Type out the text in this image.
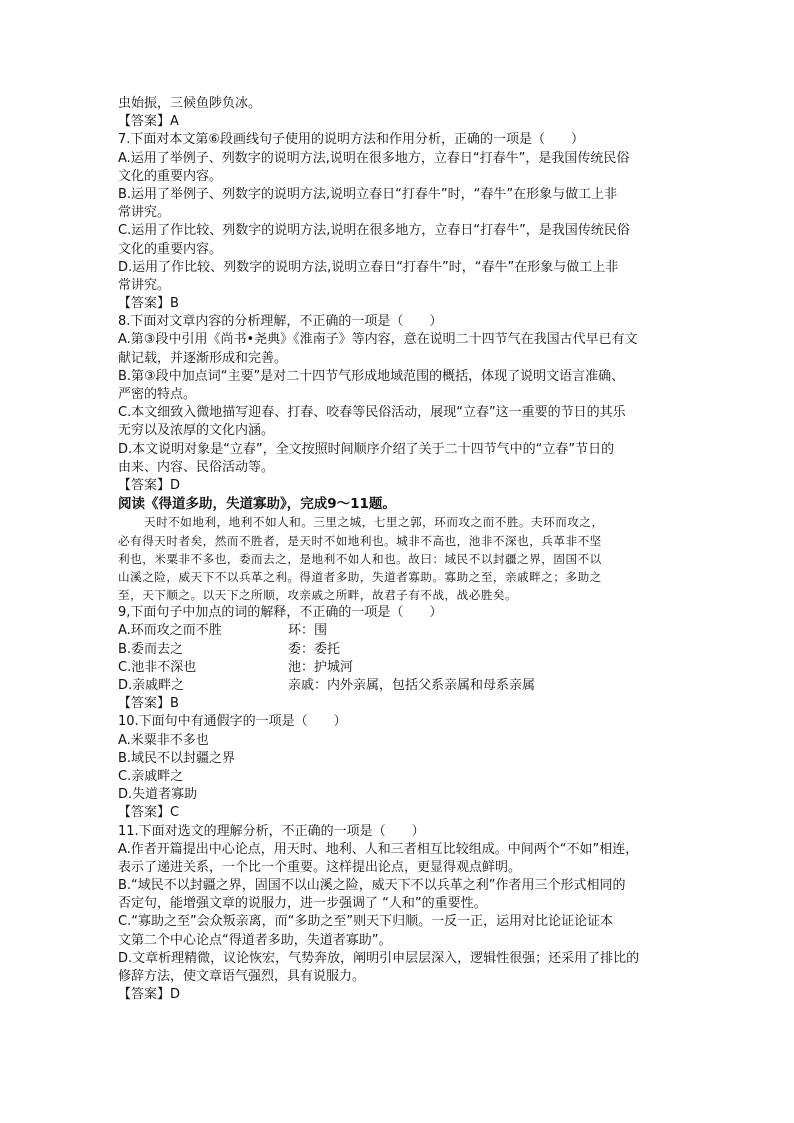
虫始振，三候鱼陟负冰。
【答案】A
7.下面对本文第⑥段画线句子使用的说明方法和作用分析，正确的一项是（　　）
A.运用了举例子、列数字的说明方法,说明在很多地方，立春日“打春牛”，是我国传统民俗
文化的重要内容。
B.运用了举例子、列数字的说明方法,说明立春日“打春牛”时，“春牛”在形象与做工上非
常讲究。
C.运用了作比较、列数字的说明方法,说明在很多地方，立春日“打春牛”，是我国传统民俗
文化的重要内容。
D.运用了作比较、列数字的说明方法,说明立春日“打春牛”时，“春牛”在形象与做工上非
常讲究。
【答案】B
8.下面对文章内容的分析理解，不正确的一项是（　　）
A.第③段中引用《尚书•尧典》《淮南子》等内容，意在说明二十四节气在我国古代早已有文
献记载，并逐渐形成和完善。
B.第③段中加点词“主要”是对二十四节气形成地域范围的概括，体现了说明文语言准确、
严密的特点。
C.本文细致入微地描写迎春、打春、咬春等民俗活动，展现“立春”这一重要的节日的其乐
无穷以及浓厚的文化内涵。
D.本文说明对象是“立春”，全文按照时间顺序介绍了关于二十四节气中的“立春”节日的
由来、内容、民俗活动等。
【答案】D
阅读《得道多助，失道寡助》，完成9～11题。
天时不如地利，地利不如人和。三里之城，七里之郭，环而攻之而不胜。夫环而攻之，
必有得天时者矣，然而不胜者，是天时不如地利也。城非不高也，池非不深也，兵革非不坚
利也，米粟非不多也，委而去之，是地利不如人和也。故曰：域民不以封疆之界，固国不以
山溪之险，威天下不以兵革之利。得道者多助，失道者寡助。寡助之至，亲戚畔之；多助之
至，天下顺之。以天下之所顺，攻亲戚之所畔，故君子有不战，战必胜矣。
9,下面句子中加点的词的解释，不正确的一项是（　　）
A.环而攻之而不胜	环：围
B.委而去之	委：委托
C.池非不深也	池：护城河
D.亲戚畔之	亲戚：内外亲属，包括父系亲属和母系亲属
【答案】B
10.下面句中有通假字的一项是（　　）
A.米粟非不多也
B.域民不以封疆之界
C.亲戚畔之
D.失道者寡助
【答案】C
11.下面对选文的理解分析，不正确的一项是（　　）
A.作者开篇提出中心论点，用天时、地利、人和三者相互比较组成。中间两个“不如”相连，
表示了递进关系，一个比一个重要。这样提出论点，更显得观点鲜明。
B.“域民不以封疆之界，固国不以山溪之险，威天下不以兵革之利”作者用三个形式相同的
否定句，能增强文章的说服力，进一步强调了 “人和”的重要性。
C.“寡助之至”会众叛亲离，而“多助之至”则天下归顺。一反一正，运用对比论证论证本
文第二个中心论点“得道者多助，失道者寡助”。
D.文章析理精微，议论恢宏，气势奔放，阐明引申层层深入，逻辑性很强；还采用了排比的
修辞方法，使文章语气强烈，具有说服力。
【答案】D
